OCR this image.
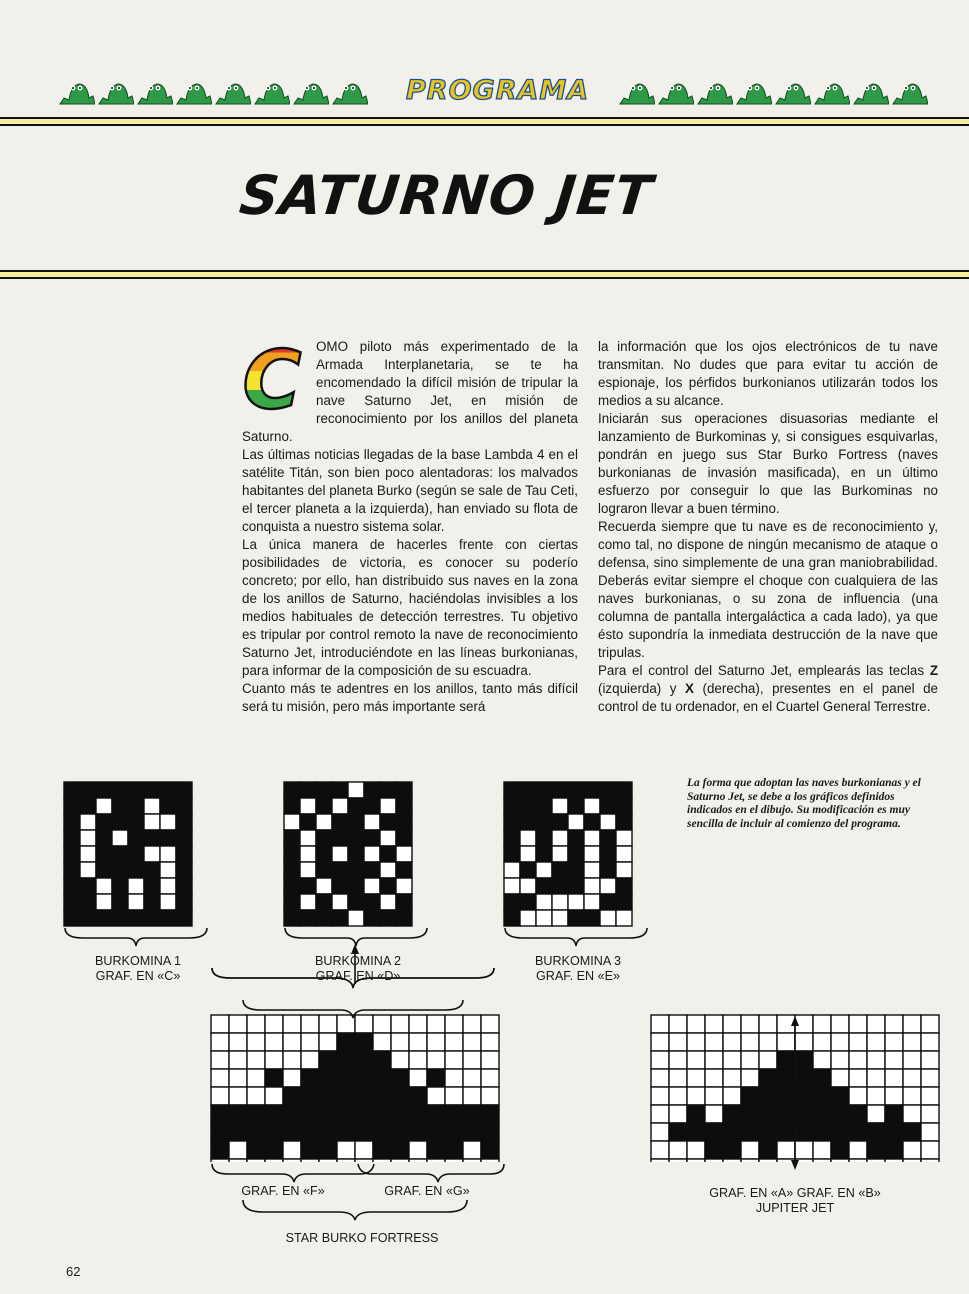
PROGRAMA
SATURNO JET
C	OMO piloto más experimentado de la Armada Interplanetaria, se te ha encomendado la difícil misión de tripular la nave Saturno Jet, en misión de reconocimiento por los anillos del planeta Saturno.

Las últimas noticias llegadas de la base Lambda 4 en el satélite Titán, son bien poco alentadoras: los malvados habitantes del planeta Burko (según se sale de Tau Ceti, el tercer planeta a la izquierda), han enviado su flota de conquista a nuestro sistema solar.

La única manera de hacerles frente con ciertas posibilidades de victoria, es conocer su poderío concreto; por ello, han distribuido sus naves en la zona de los anillos de Saturno, haciéndolas invisibles a los medios habituales de detección terrestres. Tu objetivo es tripular por control remoto la nave de reconocimiento Saturno Jet, introduciéndote en las líneas burkonianas, para informar de la composición de su escuadra.

Cuanto más te adentres en los anillos, tanto más difícil será tu misión, pero más importante será

la información que los ojos electrónicos de tu nave transmitan. No dudes que para evitar tu acción de espionaje, los pérfidos burkonianos utilizarán todos los medios a su alcance.

Iniciarán sus operaciones disuasorias mediante el lanzamiento de Burkominas y, si consigues esquivarlas, pondrán en juego sus Star Burko Fortress (naves burkonianas de invasión masificada), en un último esfuerzo por conseguir lo que las Burkominas no lograron llevar a buen término.

Recuerda siempre que tu nave es de reconocimiento y, como tal, no dispone de ningún mecanismo de ataque o defensa, sino simplemente de una gran maniobrabilidad. Deberás evitar siempre el choque con cualquiera de las naves burkonianas, o su zona de influencia (una columna de pantalla intergaláctica a cada lado), ya que ésto supondría la inmediata destrucción de la nave que tripulas.

Para el control del Saturno Jet, emplearás las teclas Z (izquierda) y X (derecha), presentes en el panel de control de tu ordenador, en el Cuartel General Terrestre.

La forma que adoptan las naves burkonianas y el Saturno Jet, se debe a los gráficos definidos indicados en el dibujo. Su modificación es muy sencilla de incluir al comienzo del programa.
BURKOMINA 1
GRAF. EN «C»
BURKOMINA 2
GRAF. EN «D»
BURKOMINA 3
GRAF. EN «E»
GRAF. EN «F»	GRAF. EN «G»
STAR BURKO FORTRESS
GRAF. EN «A» GRAF. EN «B»
JUPITER JET
62
